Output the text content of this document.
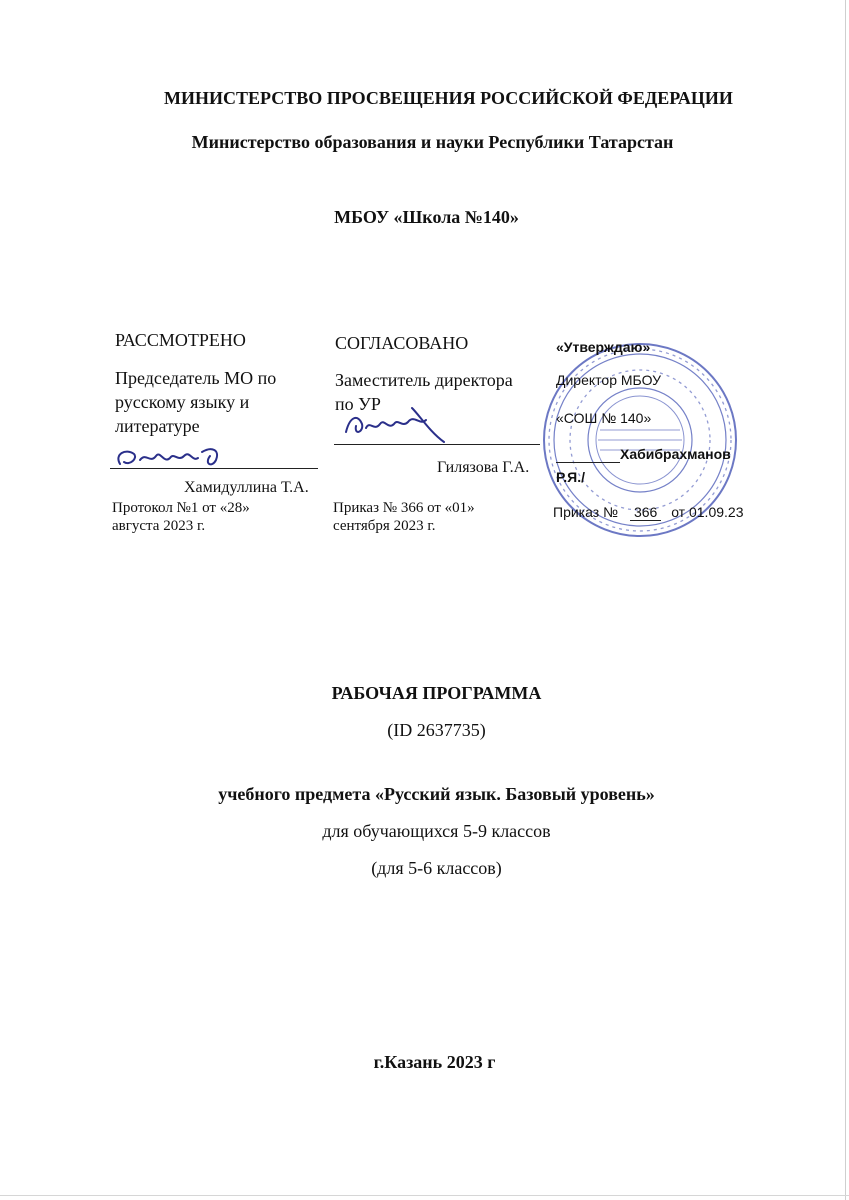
МИНИСТЕРСТВО ПРОСВЕЩЕНИЯ РОССИЙСКОЙ ФЕДЕРАЦИИ
Министерство образования и науки Республики Татарстан
МБОУ «Школа №140»
РАССМОТРЕНО
Председатель МО по
русскому языку и
литературе
Хамидуллина Т.А.
Протокол №1 от «28»
августа 2023 г.
СОГЛАСОВАНО
Заместитель директора
по УР
Гилязова Г.А.
Приказ № 366 от «01»
сентября 2023 г.
«Утверждаю»
Директор МБОУ
«СОШ № 140»
Хабибрахманов
Р.Я./
Приказ № 366 от 01.09.23
РАБОЧАЯ ПРОГРАММА
(ID 2637735)
учебного предмета «Русский язык. Базовый уровень»
для обучающихся 5-9 классов
(для 5-6 классов)
г.Казань 2023 г
